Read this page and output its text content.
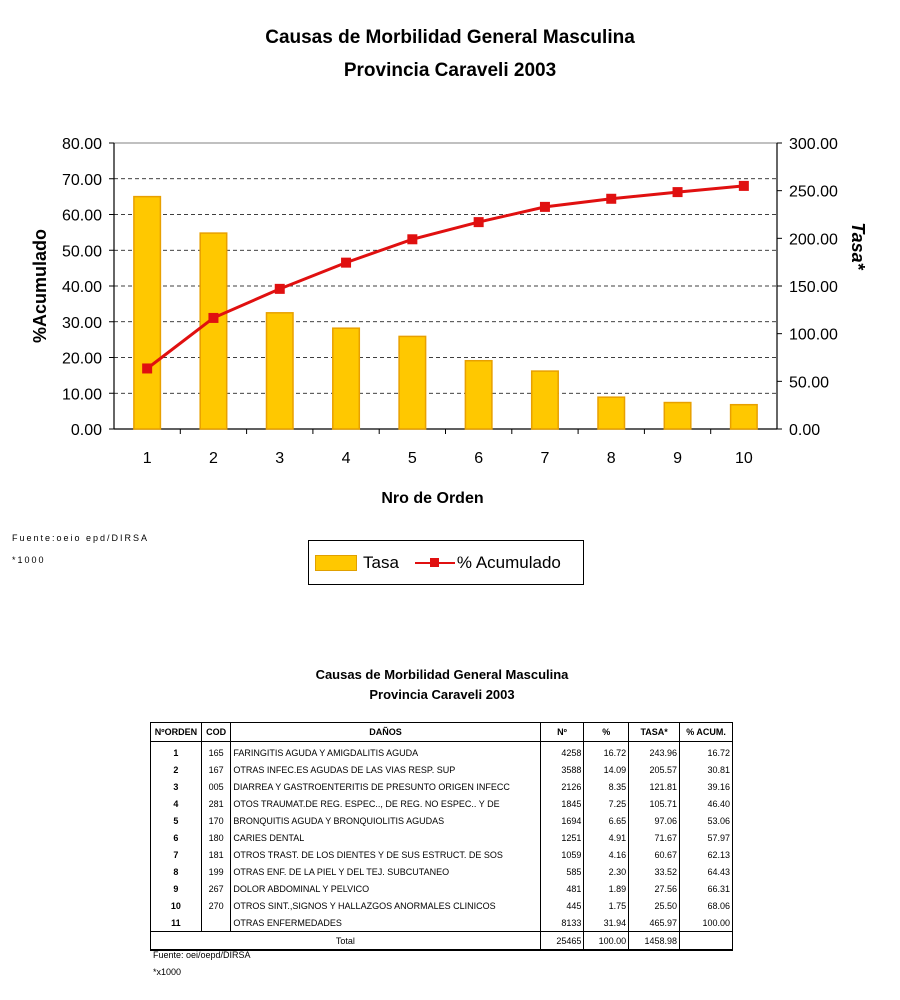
Causas de Morbilidad General Masculina
Provincia Caraveli 2003
0.00
10.00
20.00
30.00
40.00
50.00
60.00
70.00
80.00
0.00
50.00
100.00
150.00
200.00
250.00
300.00
1	2	3	4	5	6	7	8	9	10
Nro de Orden
%Acumulado	Tasa*
Fuente:oeio epd/DIRSA
*1000	Tasa	% Acumulado
Causas de Morbilidad General Masculina
Provincia Caraveli 2003
NºORDEN	COD	DAÑOS	Nº	%	TASA*	% ACUM.
1	165	FARINGITIS AGUDA Y AMIGDALITIS AGUDA	4258	16.72	243.96	16.72
2	167	OTRAS INFEC.ES AGUDAS DE LAS VIAS RESP. SUP	3588	14.09	205.57	30.81
3	005	DIARREA Y GASTROENTERITIS DE PRESUNTO ORIGEN INFECC	2126	8.35	121.81	39.16
4	281	OTOS TRAUMAT.DE REG. ESPEC.., DE REG. NO ESPEC.. Y DE	1845	7.25	105.71	46.40
5	170	BRONQUITIS AGUDA Y BRONQUIOLITIS AGUDAS	1694	6.65	97.06	53.06
6	180	CARIES DENTAL	1251	4.91	71.67	57.97
7	181	OTROS TRAST. DE LOS DIENTES Y DE SUS ESTRUCT. DE SOS	1059	4.16	60.67	62.13
8	199	OTRAS ENF. DE LA PIEL Y DEL TEJ. SUBCUTANEO	585	2.30	33.52	64.43
9	267	DOLOR ABDOMINAL Y PELVICO	481	1.89	27.56	66.31
10	270	OTROS SINT.,SIGNOS Y HALLAZGOS ANORMALES CLINICOS	445	1.75	25.50	68.06
11		OTRAS ENFERMEDADES	8133	31.94	465.97	100.00
Total			25465	100.00	1458.98	
Fuente: oei/oepd/DIRSA
*x1000
